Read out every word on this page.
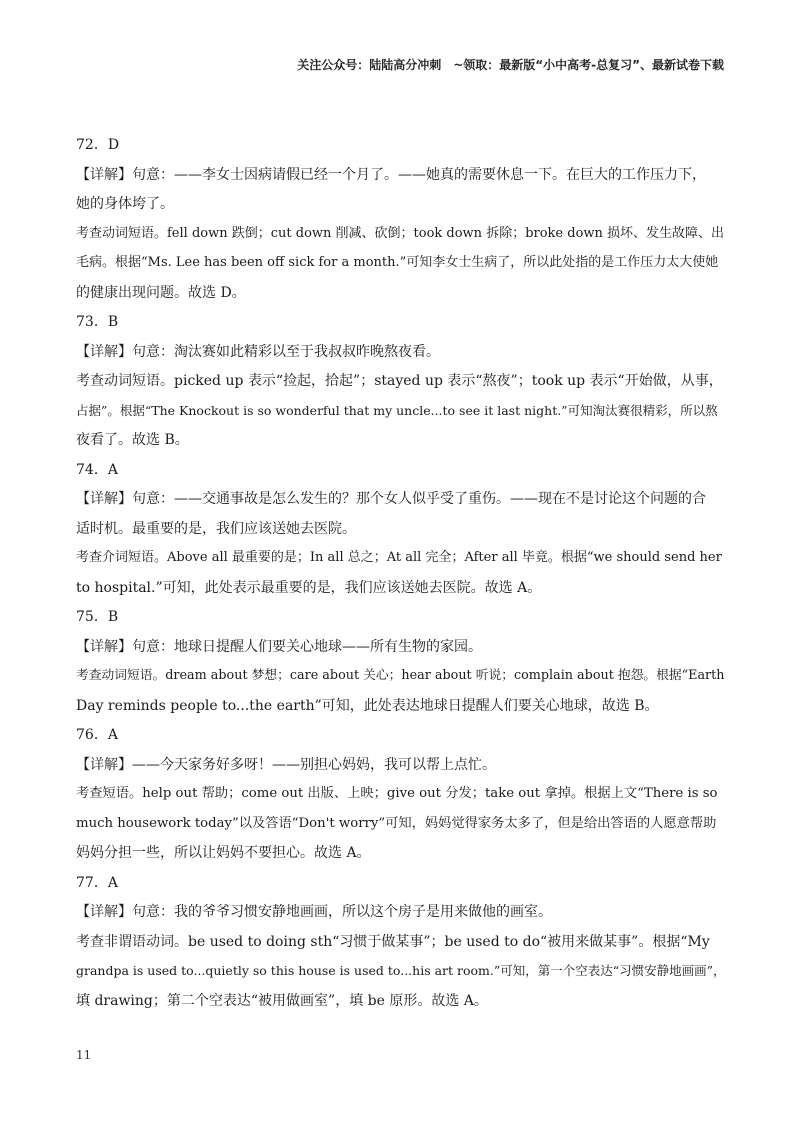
关注公众号：陆陆高分冲刺　~领取：最新版“小中高考-总复习”、最新试卷下载

72．D

【详解】句意：——李女士因病请假已经一个月了。——她真的需要休息一下。在巨大的工作压力下，

她的身体垮了。

考查动词短语。fell down 跌倒；cut down 削减、砍倒；took down 拆除；broke down 损坏、发生故障、出

毛病。根据“Ms. Lee has been off sick for a month.”可知李女士生病了，所以此处指的是工作压力太大使她

的健康出现问题。故选 D。

73．B

【详解】句意：淘汰赛如此精彩以至于我叔叔昨晚熬夜看。

考查动词短语。picked up 表示“捡起，拾起”；stayed up 表示“熬夜”；took up 表示“开始做，从事，

占据”。根据“The Knockout is so wonderful that my uncle...to see it last night.”可知淘汰赛很精彩，所以熬

夜看了。故选 B。

74．A

【详解】句意：——交通事故是怎么发生的？那个女人似乎受了重伤。——现在不是讨论这个问题的合

适时机。最重要的是，我们应该送她去医院。

考查介词短语。Above all 最重要的是；In all 总之；At all 完全；After all 毕竟。根据“we should send her

to hospital.”可知，此处表示最重要的是，我们应该送她去医院。故选 A。

75．B

【详解】句意：地球日提醒人们要关心地球——所有生物的家园。

考查动词短语。dream about 梦想；care about 关心；hear about 听说；complain about 抱怨。根据“Earth

Day reminds people to...the earth”可知，此处表达地球日提醒人们要关心地球，故选 B。

76．A

【详解】——今天家务好多呀！——别担心妈妈，我可以帮上点忙。

考查短语。help out 帮助；come out 出版、上映；give out 分发；take out 拿掉。根据上文“There is so

much housework today”以及答语“Don't worry”可知，妈妈觉得家务太多了，但是给出答语的人愿意帮助

妈妈分担一些，所以让妈妈不要担心。故选 A。

77．A

【详解】句意：我的爷爷习惯安静地画画，所以这个房子是用来做他的画室。

考查非谓语动词。be used to doing sth“习惯于做某事”；be used to do“被用来做某事”。根据“My

grandpa is used to...quietly so this house is used to...his art room.”可知，第一个空表达“习惯安静地画画”，

填 drawing；第二个空表达“被用做画室”，填 be 原形。故选 A。

11
